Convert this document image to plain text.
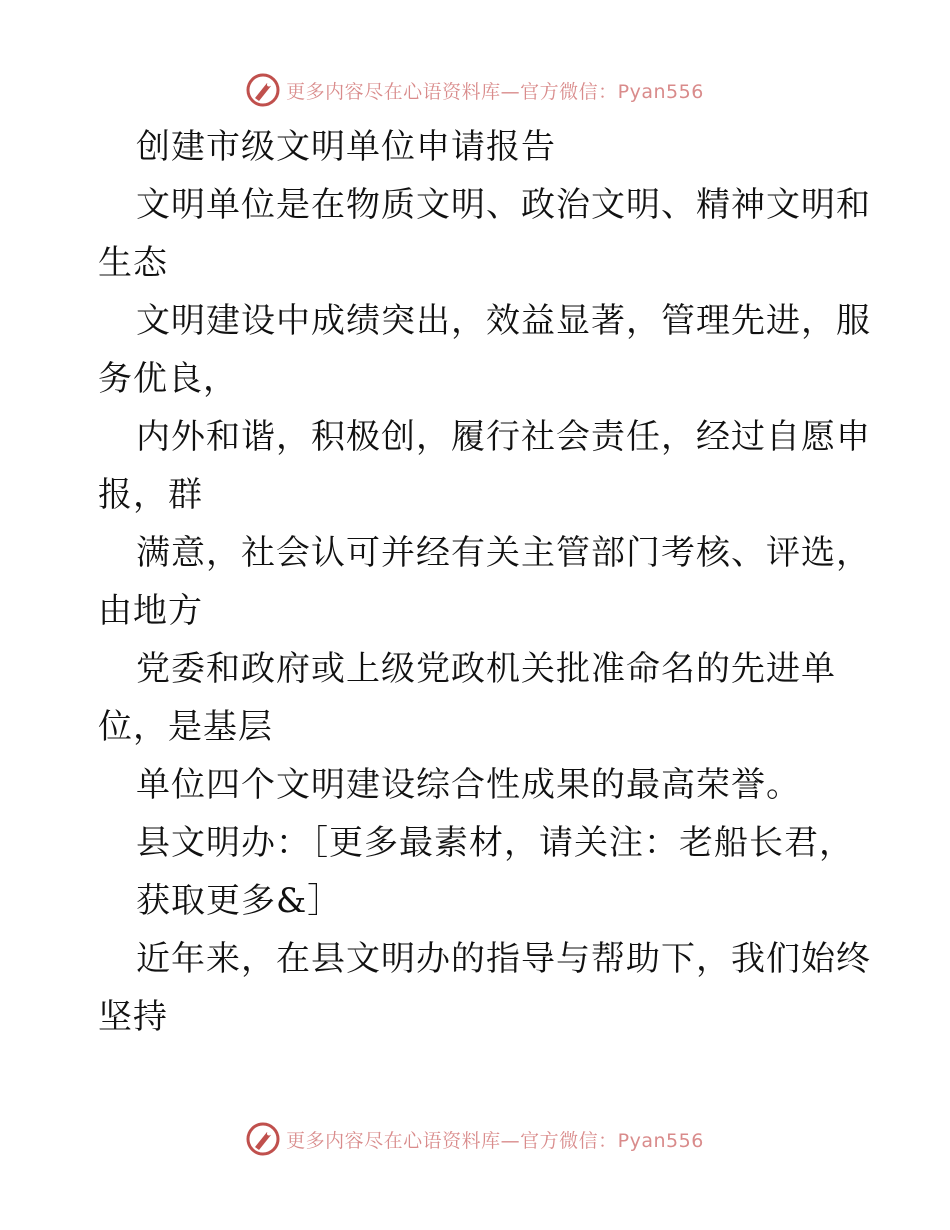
更多内容尽在心语资料库—官方微信：Pyan556
创建市级文明单位申请报告
文明单位是在物质文明、政治文明、精神文明和
生态
文明建设中成绩突出，效益显著，管理先进，服
务优良，
内外和谐，积极创，履行社会责任，经过自愿申
报，群
满意，社会认可并经有关主管部门考核、评选，
由地方
党委和政府或上级党政机关批准命名的先进单
位，是基层
单位四个文明建设综合性成果的最高荣誉。
县文明办：［更多最素材，请关注：老船长君，
获取更多&］
近年来，在县文明办的指导与帮助下，我们始终
坚持
更多内容尽在心语资料库—官方微信：Pyan556
